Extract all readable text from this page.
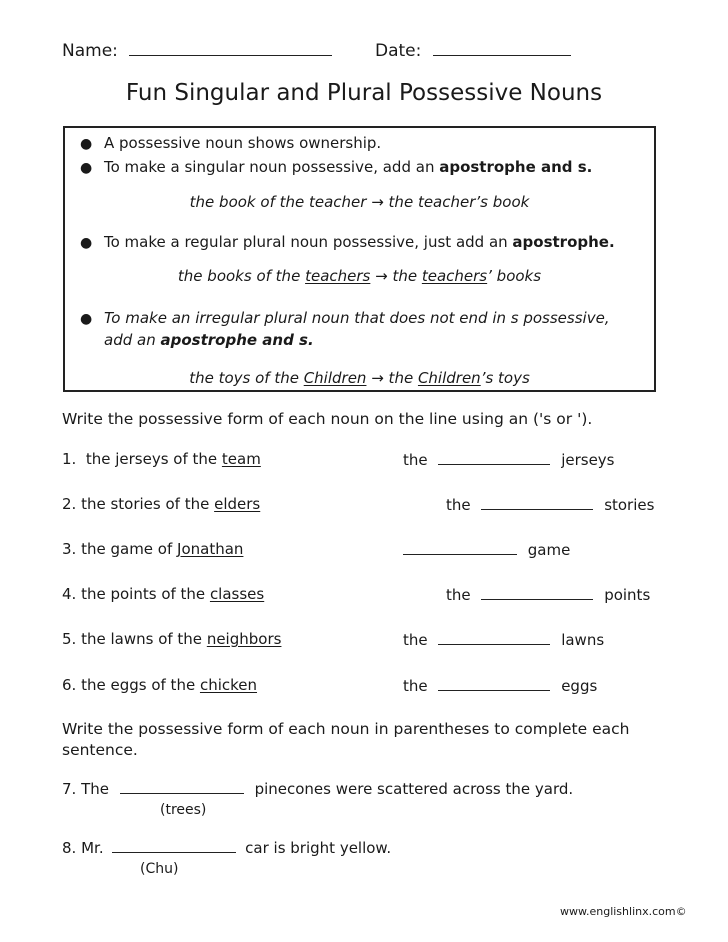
Name:	Date:
Fun Singular and Plural Possessive Nouns
● A possessive noun shows ownership.
● To make a singular noun possessive, add an apostrophe and s.
the book of the teacher → the teacher’s book
● To make a regular plural noun possessive, just add an apostrophe.
the books of the teachers → the teachers’ books
● To make an irregular plural noun that does not end in s possessive,
add an apostrophe and s.
the toys of the Children → the Children’s toys
Write the possessive form of each noun on the line using an ('s or ').
1. the jerseys of the team	the	jerseys
2. the stories of the elders	the	stories
3. the game of Jonathan	game
4. the points of the classes	the	points
5. the lawns of the neighbors	the	lawns
6. the eggs of the chicken	the	eggs
Write the possessive form of each noun in parentheses to complete each
sentence.
7. The	pinecones were scattered across the yard.
(trees)
8. Mr.	car is bright yellow.
(Chu)
www.englishlinx.com©
